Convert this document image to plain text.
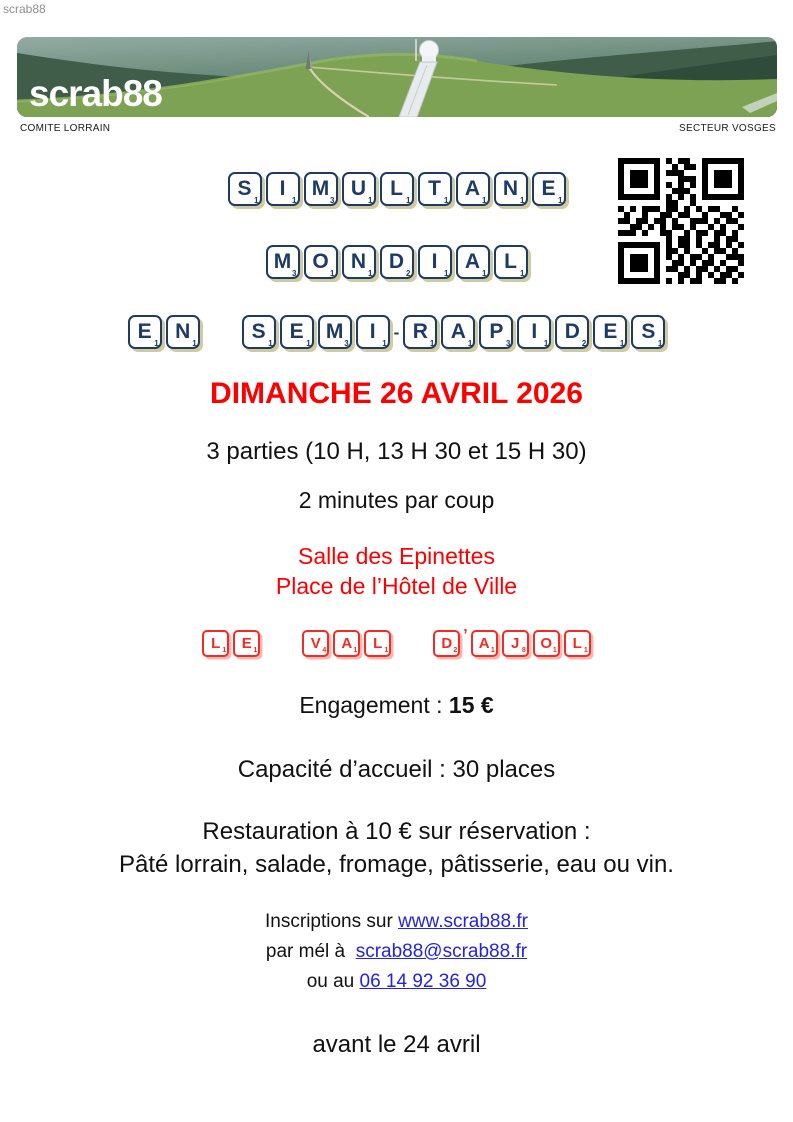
scrab88
scrab88
COMITE LORRAIN	SECTEUR VOSGES
S
1
I
1
M
3
U
1
L
1
T
1
A
1
N
1
E
1
M
3
O
1
N
1
D
2
I
1
A
1
L
1
E
1
N
1
S
1
E
1
M
3
I
1
- R
1
A
1
P
3
I
1
D
2
E
1
S
1
L 1	E 1	V 4	A 1	L 1	D 2
’ A 1	J 8 O 1	L 1
DIMANCHE 26 AVRIL 2026
3 parties (10 H, 13 H 30 et 15 H 30)
2 minutes par coup
Salle des Epinettes
Place de l’Hôtel de Ville
Engagement : 15 €
Capacité d’accueil : 30 places
Restauration à 10 € sur réservation :
Pâté lorrain, salade, fromage, pâtisserie, eau ou vin.
Inscriptions sur www.scrab88.fr
par mél à  scrab88@scrab88.fr
ou au 06 14 92 36 90
avant le 24 avril
